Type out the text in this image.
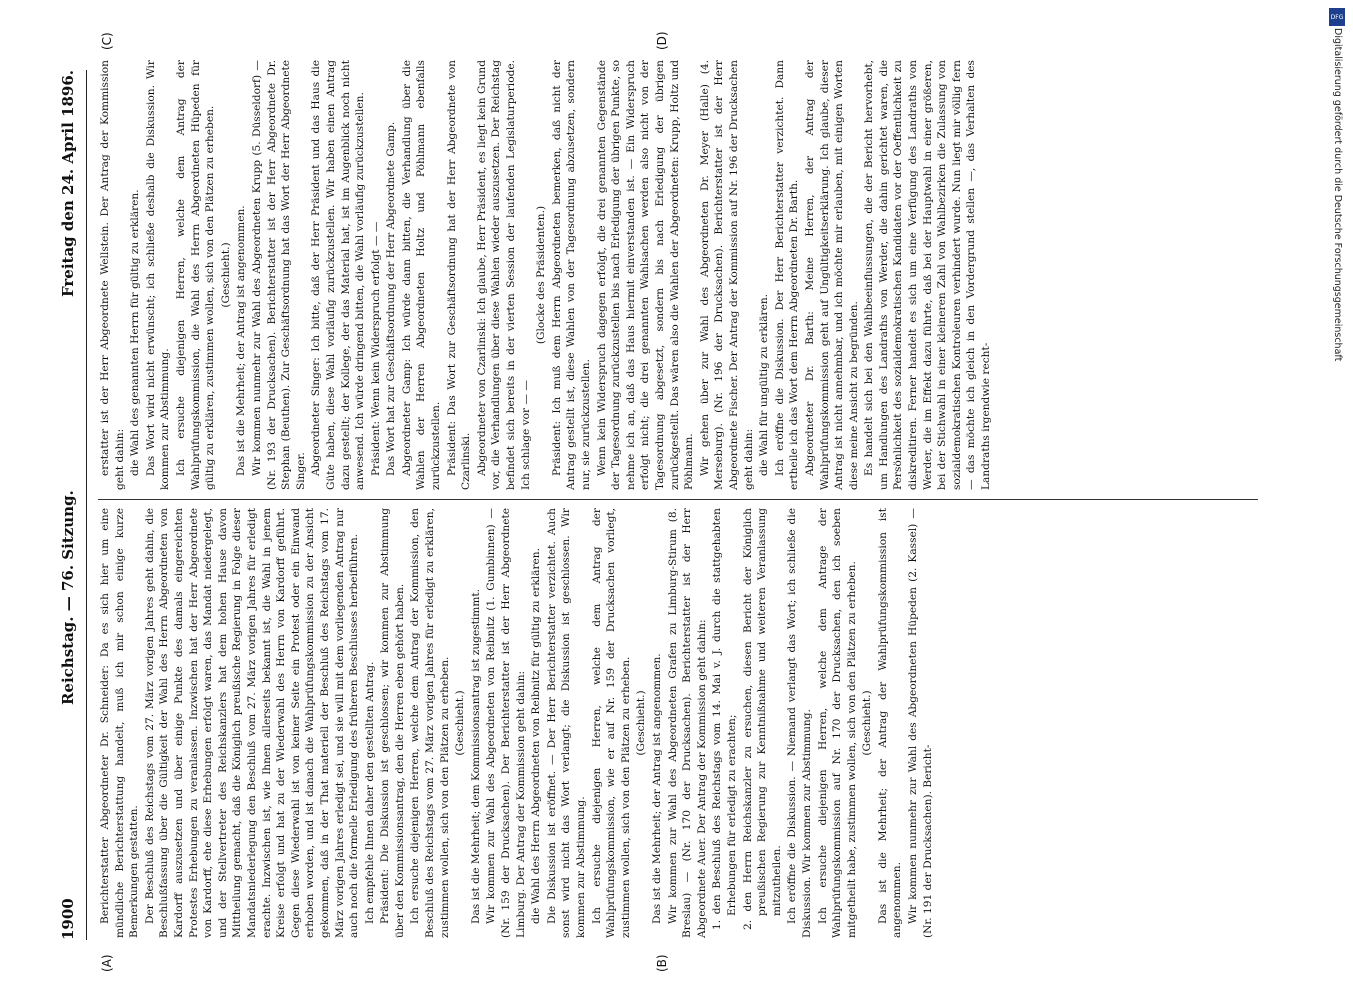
1900
Reichstag. — 76. Sitzung.
Freitag den 24. April 1896.
(A)	(B)
(C)	(D)

Berichterstatter Abgeordneter Dr. Schneider: Da es sich hier um eine mündliche Berichterstattung handelt, muß ich mir schon einige kurze Bemerkungen gestatten. Der Beschluß des Reichstags vom 27. März vorigen Jahres geht dahin, die Beschlußfassung über die Gültigkeit der Wahl des Herrn Abgeordneten von Kardorff auszusetzen und über einige Punkte des damals eingereichten Protestes Erhebungen zu veranlassen. Inzwischen hat der Herr Abgeordnete von Kardorff, ehe diese Erhebungen erfolgt waren, das Mandat niedergelegt, und der Stellvertreter des Reichskanzlers hat dem hohen Hause davon Mittheilung gemacht, daß die Königlich preußische Regierung in Folge dieser Mandatsniederlegung den Beschluß vom 27. März vorigen Jahres für erledigt erachte. Inzwischen ist, wie Ihnen allerseits bekannt ist, die Wahl in jenem Kreise erfolgt und hat zu der Wiederwahl des Herrn von Kardorff geführt. Gegen diese Wiederwahl ist von keiner Seite ein Protest oder ein Einwand erhoben worden, und ist danach die Wahlprüfungskommission zu der Ansicht gekommen, daß in der That materiell der Beschluß des Reichstags vom 17. März vorigen Jahres erledigt sei, und sie will mit dem vorliegenden Antrag nur auch noch die formelle Erledigung des früheren Beschlusses herbeiführen. Ich empfehle Ihnen daher den gestellten Antrag. Präsident: Die Diskussion ist geschlossen; wir kommen zur Abstimmung über den Kommissionsantrag, den die Herren eben gehört haben. Ich ersuche diejenigen Herren, welche dem Antrag der Kommission, den Beschluß des Reichstags vom 27. März vorigen Jahres für erledigt zu erklären, zustimmen wollen, sich von den Plätzen zu erheben. (Geschieht.) Das ist die Mehrheit; dem Kommissionsantrag ist zugestimmt. Wir kommen zur Wahl des Abgeordneten von Reibnitz (1. Gumbinnen) — (Nr. 159 der Drucksachen). Der Berichterstatter ist der Herr Abgeordnete Limburg. Der Antrag der Kommission geht dahin: die Wahl des Herrn Abgeordneten von Reibnitz für gültig zu erklären. Die Diskussion ist eröffnet. — Der Herr Berichterstatter verzichtet. Auch sonst wird nicht das Wort verlangt; die Diskussion ist geschlossen. Wir kommen zur Abstimmung. Ich ersuche diejenigen Herren, welche dem Antrag der Wahlprüfungskommission, wie er auf Nr. 159 der Drucksachen vorliegt, zustimmen wollen, sich von den Plätzen zu erheben. (Geschieht.) Das ist die Mehrheit; der Antrag ist angenommen. Wir kommen zur Wahl des Abgeordneten Grafen zu Limburg-Stirum (8. Breslau) — (Nr. 170 der Drucksachen). Berichterstatter ist der Herr Abgeordnete Auer. Der Antrag der Kommission geht dahin: 1. den Beschluß des Reichstags vom 14. Mai v. J. durch die stattgehabten Erhebungen für erledigt zu erachten; 2. den Herrn Reichskanzler zu ersuchen, diesen Bericht der Königlich preußischen Regierung zur Kenntnißnahme und weiteren Veranlassung mitzutheilen. Ich eröffne die Diskussion. — Niemand verlangt das Wort; ich schließe die Diskussion. Wir kommen zur Abstimmung. Ich ersuche diejenigen Herren, welche dem Antrage der Wahlprüfungskommission auf Nr. 170 der Drucksachen, den ich soeben mitgetheilt habe, zustimmen wollen, sich von den Plätzen zu erheben. (Geschieht.) Das ist die Mehrheit; der Antrag der Wahlprüfungskommission ist angenommen. Wir kommen nunmehr zur Wahl des Abgeordneten Hüpeden (2. Kassel) — (Nr. 191 der Drucksachen). Bericht-

erstatter ist der Herr Abgeordnete Wellstein. Der Antrag der Kommission geht dahin: die Wahl des genannten Herrn für gültig zu erklären. Das Wort wird nicht erwünscht; ich schließe deshalb die Diskussion. Wir kommen zur Abstimmung. Ich ersuche diejenigen Herren, welche dem Antrag der Wahlprüfungskommission, die Wahl des Herrn Abgeordneten Hüpeden für gültig zu erklären, zustimmen wollen, sich von den Plätzen zu erheben. (Geschieht.) Das ist die Mehrheit; der Antrag ist angenommen. Wir kommen nunmehr zur Wahl des Abgeordneten Krupp (5. Düsseldorf) — (Nr. 193 der Drucksachen). Berichterstatter ist der Herr Abgeordnete Dr. Stephan (Beuthen). Zur Geschäftsordnung hat das Wort der Herr Abgeordnete Singer. Abgeordneter Singer: Ich bitte, daß der Herr Präsident und das Haus die Güte haben, diese Wahl vorläufig zurückzustellen. Wir haben einen Antrag dazu gestellt; der Kollege, der das Material hat, ist im Augenblick noch nicht anwesend. Ich würde dringend bitten, die Wahl vorläufig zurückzustellen. Präsident: Wenn kein Widerspruch erfolgt — — Das Wort hat zur Geschäftsordnung der Herr Abgeordnete Gamp. Abgeordneter Gamp: Ich würde dann bitten, die Verhandlung über die Wahlen der Herren Abgeordneten Holtz und Pöhlmann ebenfalls zurückzustellen. Präsident: Das Wort zur Geschäftsordnung hat der Herr Abgeordnete von Czarlinski. Abgeordneter von Czarlinski: Ich glaube, Herr Präsident, es liegt kein Grund vor, die Verhandlungen über diese Wahlen wieder auszusetzen. Der Reichstag befindet sich bereits in der vierten Session der laufenden Legislaturperiode. Ich schlage vor — —

(Glocke des Präsidenten.) Präsident: Ich muß dem Herrn Abgeordneten bemerken, daß nicht der Antrag gestellt ist, diese Wahlen von der Tagesordnung abzusetzen, sondern nur, sie zurückzustellen. Wenn kein Widerspruch dagegen erfolgt, die drei genannten Gegenstände der Tagesordnung zurückzustellen bis nach Erledigung der übrigen Punkte, so nehme ich an, daß das Haus hiermit einverstanden ist. — Ein Widerspruch erfolgt nicht; die drei genannten Wahlsachen werden also nicht von der Tagesordnung abgesetzt, sondern bis nach Erledigung der übrigen zurückgestellt. Das wären also die Wahlen der Abgeordneten: Krupp, Holtz und Pöhlmann. Wir gehen über zur Wahl des Abgeordneten Dr. Meyer (Halle) (4. Merseburg). (Nr. 196 der Drucksachen). Berichterstatter ist der Herr Abgeordnete Fischer. Der Antrag der Kommission auf Nr. 196 der Drucksachen geht dahin: die Wahl für ungültig zu erklären. Ich eröffne die Diskussion. Der Herr Berichterstatter verzichtet. Dann ertheile ich das Wort dem Herrn Abgeordneten Dr. Barth. Abgeordneter Dr. Barth: Meine Herren, der Antrag der Wahlprüfungskommission geht auf Ungültigkeitserklärung. Ich glaube, dieser Antrag ist nicht annehmbar, und ich möchte mir erlauben, mit einigen Worten diese meine Ansicht zu begründen. Es handelt sich bei den Wahlbeeinflussungen, die der Bericht hervorhebt, um Handlungen des Landraths von Werder, die dahin gerichtet waren, die Persönlichkeit des sozialdemokratischen Kandidaten vor der Oeffentlichkeit zu diskreditiren. Ferner handelt es sich um eine Verfügung des Landraths von Werder, die im Effekt dazu führte, daß bei der Hauptwahl in einer größeren, bei der Stichwahl in einer kleineren Zahl von Wahlbezirken die Zulassung von sozialdemokratischen Kontroleuren verhindert wurde. Nun liegt mir völlig fern — das möchte ich gleich in den Vordergrund stellen —, das Verhalten des Landraths irgendwie recht-

DFG
Digitalisierung gefördert durch die Deutsche Forschungsgemeinschaft
